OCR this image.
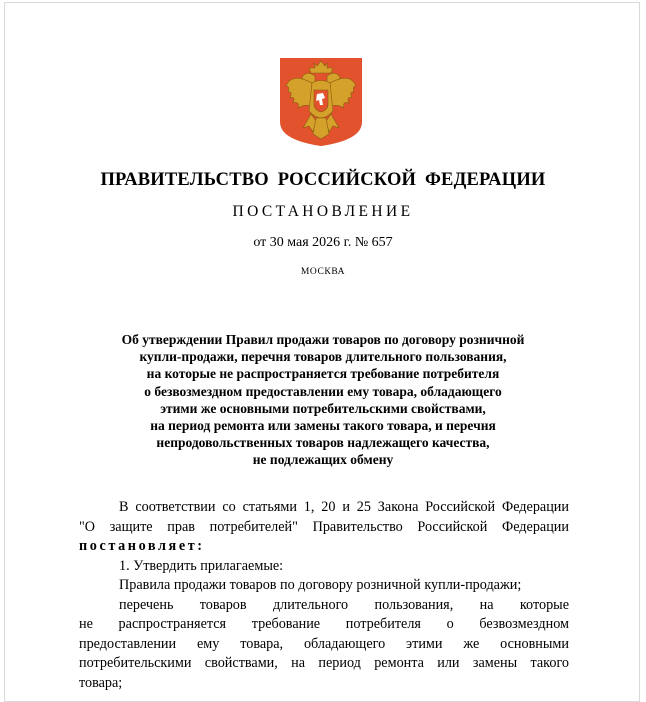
ПРАВИТЕЛЬСТВО РОССИЙСКОЙ ФЕДЕРАЦИИ
ПОСТАНОВЛЕНИЕ
от 30 мая 2026 г. № 657
МОСКВА
Об утверждении Правил продажи товаров по договору розничной
купли-продажи, перечня товаров длительного пользования,
на которые не распространяется требование потребителя
о безвозмездном предоставлении ему товара, обладающего
этими же основными потребительскими свойствами,
на период ремонта или замены такого товара, и перечня
непродовольственных товаров надлежащего качества,
не подлежащих обмену
В соответствии со статьями 1, 20 и 25 Закона Российской Федерации
"О защите прав потребителей" Правительство Российской Федерации
постановляет:
1. Утвердить прилагаемые:
Правила продажи товаров по договору розничной купли-продажи;
перечень товаров длительного пользования, на которые
не распространяется требование потребителя о безвозмездном
предоставлении ему товара, обладающего этими же основными
потребительскими свойствами, на период ремонта или замены такого
товара;
